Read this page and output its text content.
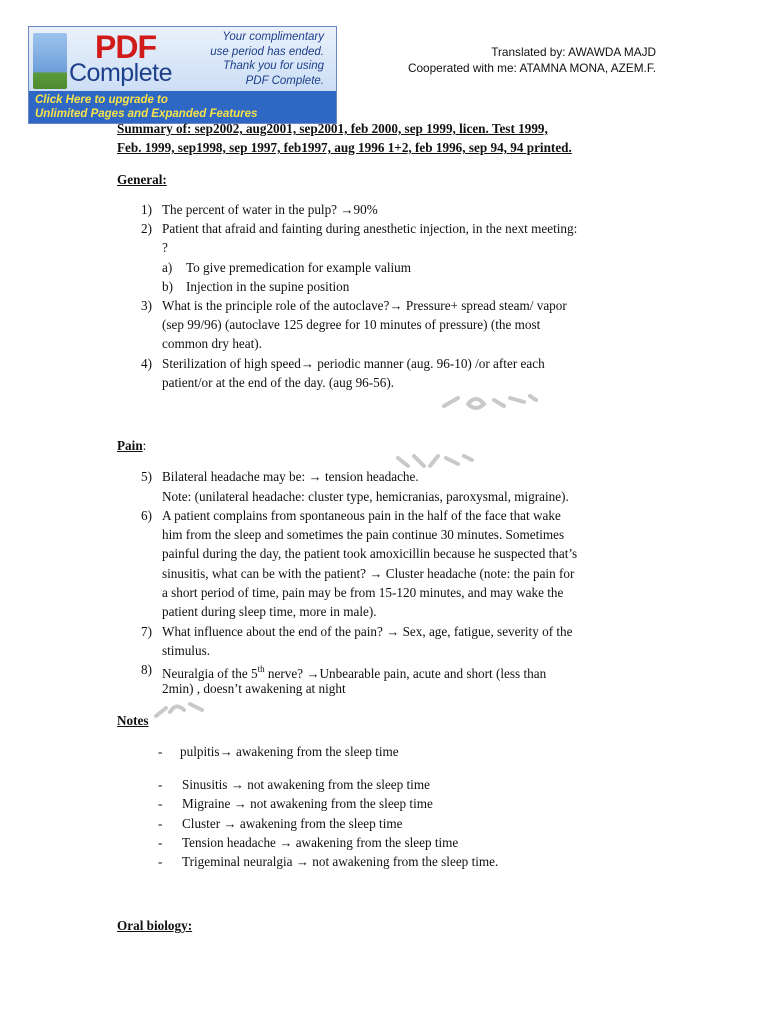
PDF
Complete
Your complimentary
use period has ended.
Thank you for using
PDF Complete.
Click Here to upgrade to
Unlimited Pages and Expanded Features
Translated by: AWAWDA MAJD
Cooperated with me: ATAMNA MONA, AZEM.F.
Summary of: sep2002, aug2001, sep2001, feb 2000, sep 1999, licen. Test 1999,
Feb. 1999, sep1998, sep 1997, feb1997, aug 1996 1+2, feb 1996, sep 94, 94 printed.
General:
1) The percent of water in the pulp? →90%
2) Patient that afraid and fainting during anesthetic injection, in the next meeting:
?
a) To give premedication for example valium
b) Injection in the supine position
3) What is the principle role of the autoclave?→ Pressure+ spread steam/ vapor
(sep 99/96) (autoclave 125 degree for 10 minutes of pressure) (the most
common dry heat).
4) Sterilization of high speed→ periodic manner (aug. 96-10) /or after each
patient/or at the end of the day. (aug 96-56).
Pain:
5) Bilateral headache may be: → tension headache.
Note: (unilateral headache: cluster type, hemicranias, paroxysmal, migraine).
6) A patient complains from spontaneous pain in the half of the face that wake
him from the sleep and sometimes the pain continue 30 minutes. Sometimes
painful during the day, the patient took amoxicillin because he suspected that’s
sinusitis, what can be with the patient? → Cluster headache (note: the pain for
a short period of time, pain may be from 15-120 minutes, and may wake the
patient during sleep time, more in male).
7) What influence about the end of the pain? → Sex, age, fatigue, severity of the
stimulus.
8) Neuralgia of the 5th nerve? →Unbearable pain, acute and short (less than
2min) , doesn’t awakening at night
Notes
- pulpitis→ awakening from the sleep time
- Sinusitis → not awakening from the sleep time
- Migraine → not awakening from the sleep time
- Cluster → awakening from the sleep time
- Tension headache → awakening from the sleep time
- Trigeminal neuralgia → not awakening from the sleep time.
Oral biology:
